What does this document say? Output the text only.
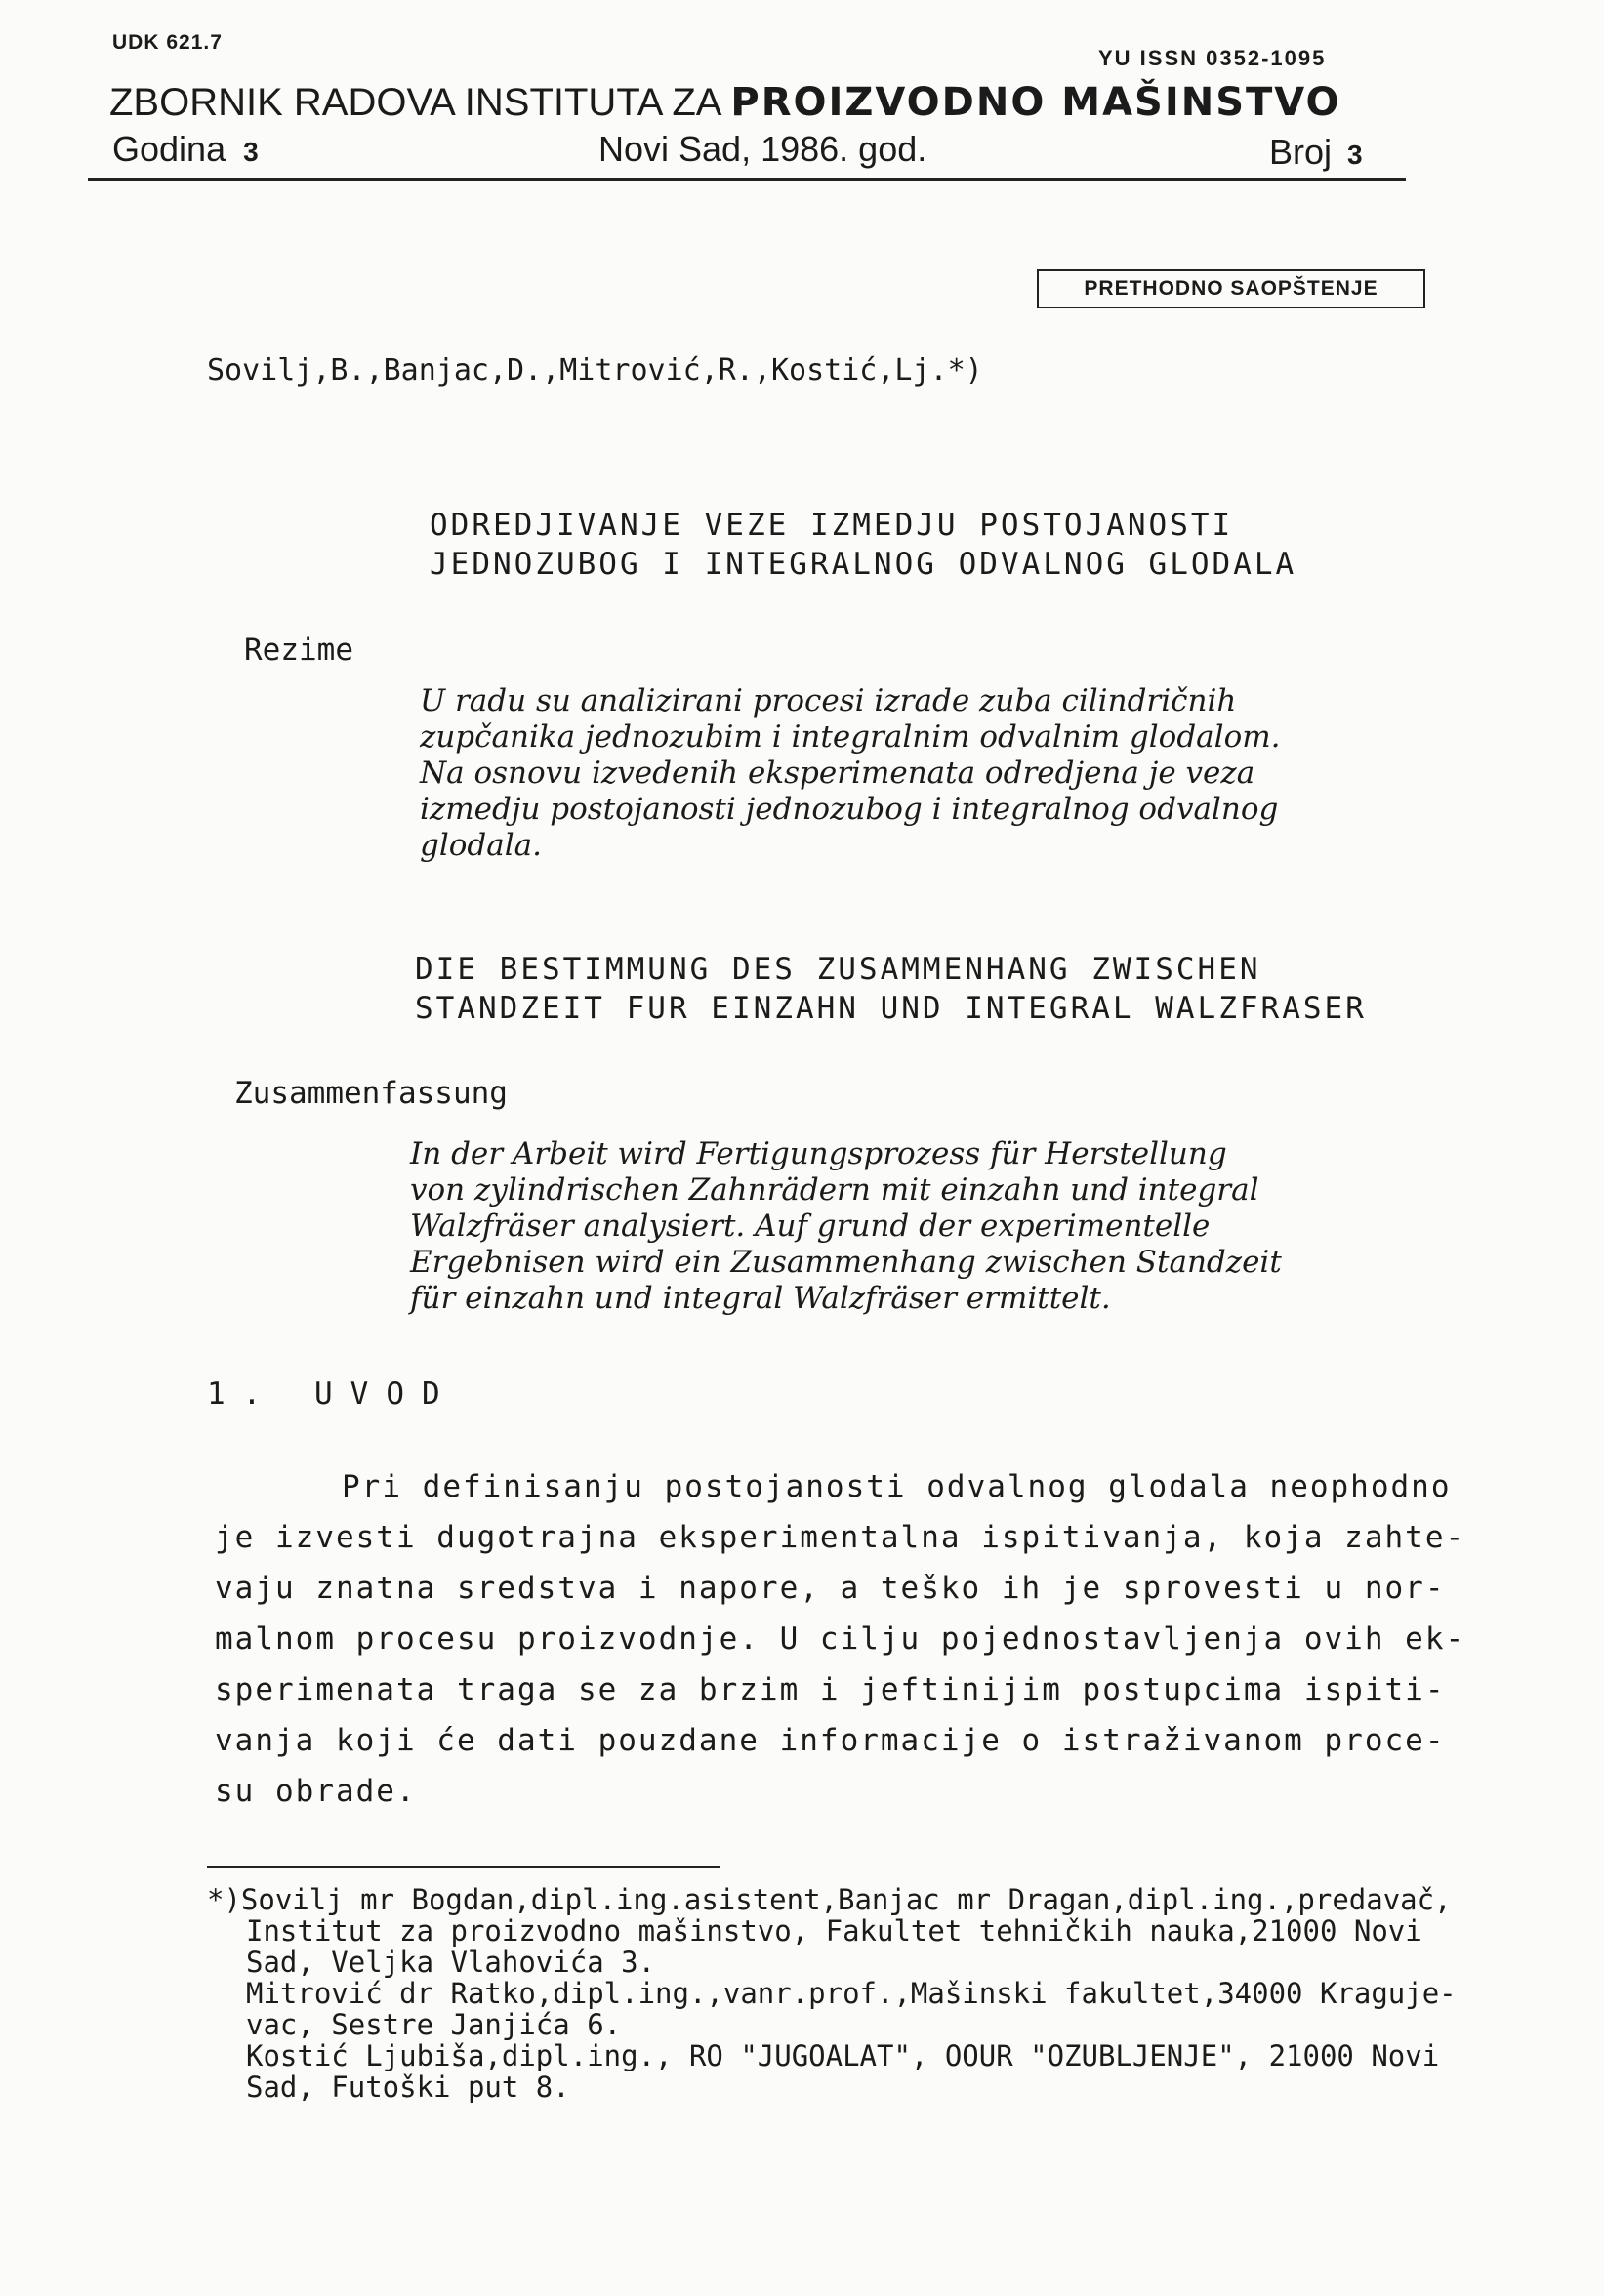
UDK 621.7
YU ISSN 0352-1095
ZBORNIK RADOVA INSTITUTA ZA PROIZVODNO MAŠINSTVO
Godina 3	Novi Sad, 1986. god.	Broj 3
PRETHODNO SAOPŠTENJE
Sovilj,B.,Banjac,D.,Mitrović,R.,Kostić,Lj.*)
ODREDJIVANJE VEZE IZMEDJU POSTOJANOSTI
JEDNOZUBOG I INTEGRALNOG ODVALNOG GLODALA
Rezime
U radu su analizirani procesi izrade zuba cilindričnih
zupčanika jednozubim i integralnim odvalnim glodalom.
Na osnovu izvedenih eksperimenata odredjena je veza
izmedju postojanosti jednozubog i integralnog odvalnog
glodala.
DIE BESTIMMUNG DES ZUSAMMENHANG ZWISCHEN
STANDZEIT FUR EINZAHN UND INTEGRAL WALZFRASER
Zusammenfassung
In der Arbeit wird Fertigungsprozess für Herstellung
von zylindrischen Zahnrädern mit einzahn und integral
Walzfräser analysiert. Auf grund der experimentelle
Ergebnisen wird ein Zusammenhang zwischen Standzeit
für einzahn und integral Walzfräser ermittelt.
1. UVOD
Pri definisanju postojanosti odvalnog glodala neophodno
je izvesti dugotrajna eksperimentalna ispitivanja, koja zahte-
vaju znatna sredstva i napore, a teško ih je sprovesti u nor-
malnom procesu proizvodnje. U cilju pojednostavljenja ovih ek-
sperimenata traga se za brzim i jeftinijim postupcima ispiti-
vanja koji će dati pouzdane informacije o istraživanom proce-
su obrade.
*)Sovilj mr Bogdan,dipl.ing.asistent,Banjac mr Dragan,dipl.ing.,predavač,
Institut za proizvodno mašinstvo, Fakultet tehničkih nauka,21000 Novi
Sad, Veljka Vlahovića 3.
Mitrović dr Ratko,dipl.ing.,vanr.prof.,Mašinski fakultet,34000 Kraguje-
vac, Sestre Janjića 6.
Kostić Ljubiša,dipl.ing., RO "JUGOALAT", OOUR "OZUBLJENJE", 21000 Novi
Sad, Futoški put 8.
